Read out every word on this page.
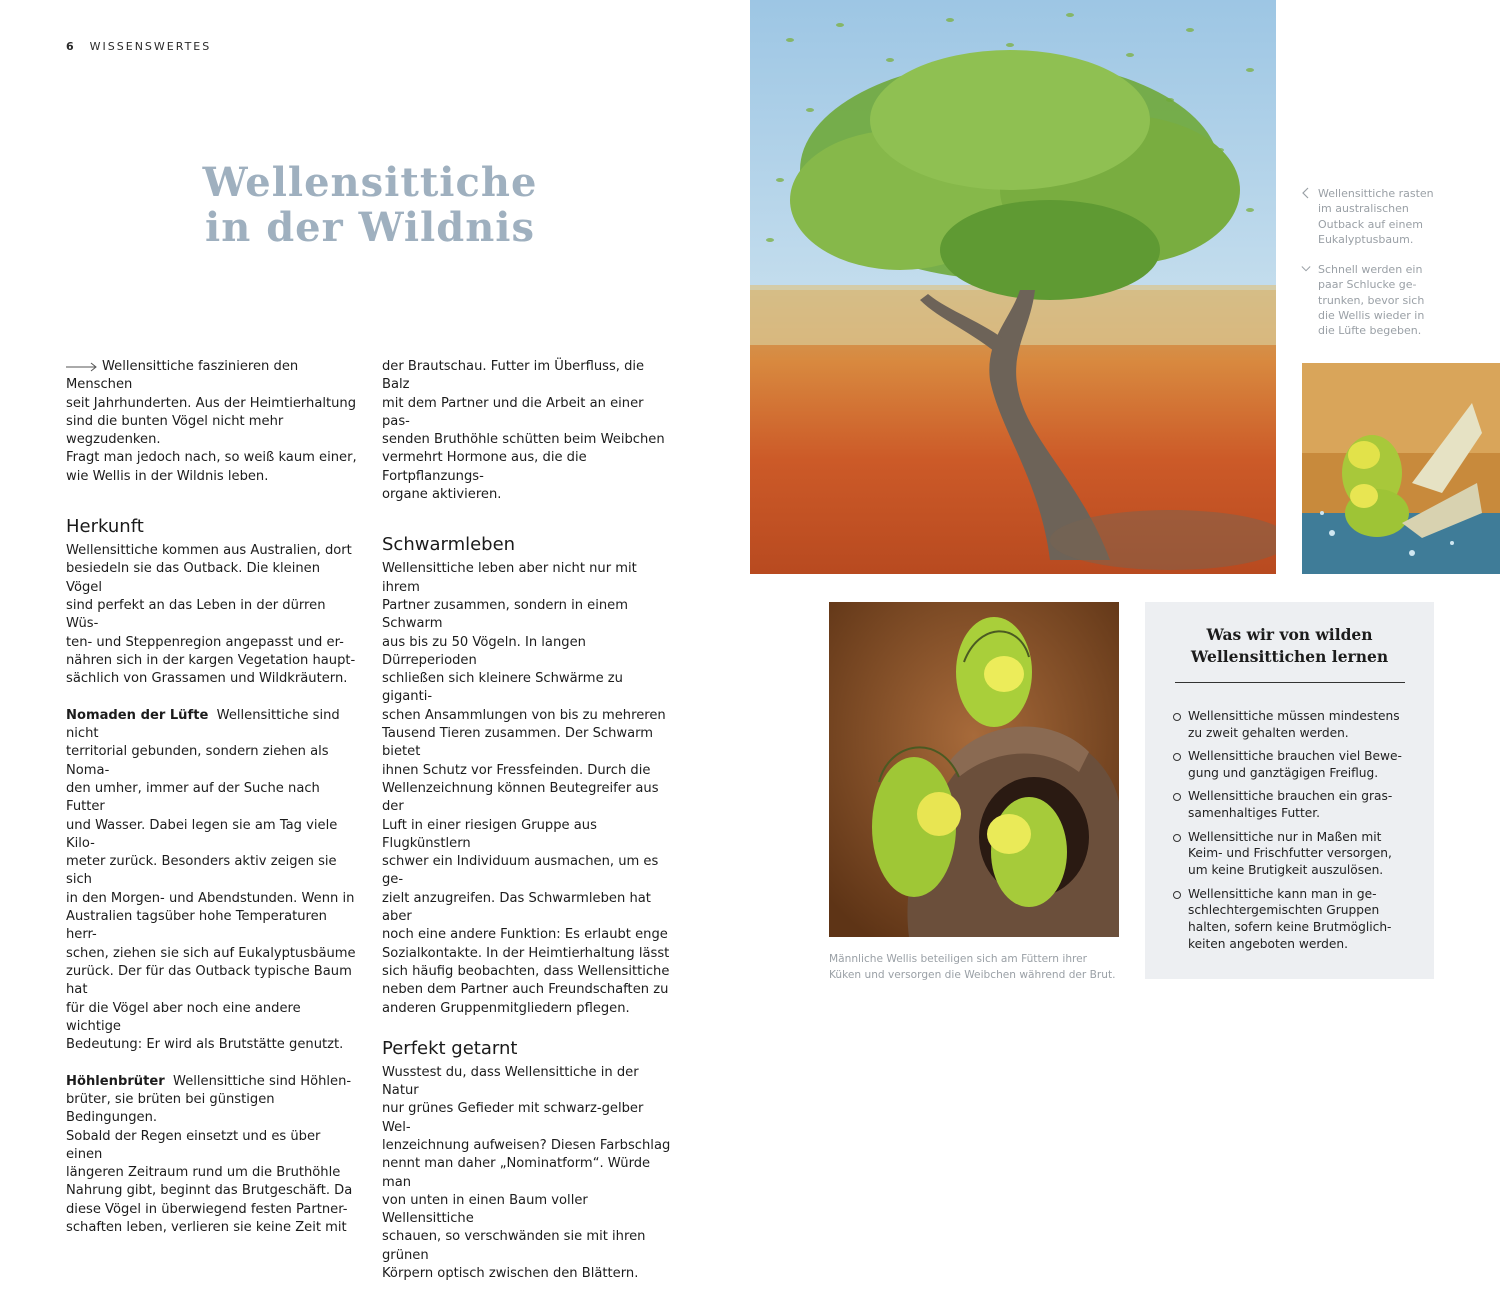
6 WISSENSWERTES
Wellensittiche
in der Wildnis

Wellensittiche faszinieren den Menschen
seit Jahrhunderten. Aus der Heimtierhaltung
sind die bunten Vögel nicht mehr wegzudenken.
Fragt man jedoch nach, so weiß kaum einer,
wie Wellis in der Wildnis leben.

Herkunft

Wellensittiche kommen aus Australien, dort
besiedeln sie das Outback. Die kleinen Vögel
sind perfekt an das Leben in der dürren Wüs-
ten- und Steppenregion angepasst und er-
nähren sich in der kargen Vegetation haupt-
sächlich von Grassamen und Wildkräutern.

Nomaden der Lüfte Wellensittiche sind nicht
territorial gebunden, sondern ziehen als Noma-
den umher, immer auf der Suche nach Futter
und Wasser. Dabei legen sie am Tag viele Kilo-
meter zurück. Besonders aktiv zeigen sie sich
in den Morgen- und Abendstunden. Wenn in
Australien tagsüber hohe Temperaturen herr-
schen, ziehen sie sich auf Eukalyptusbäume
zurück. Der für das Outback typische Baum hat
für die Vögel aber noch eine andere wichtige
Bedeutung: Er wird als Brutstätte genutzt.

Höhlenbrüter Wellensittiche sind Höhlen-
brüter, sie brüten bei günstigen Bedingungen.
Sobald der Regen einsetzt und es über einen
längeren Zeitraum rund um die Bruthöhle
Nahrung gibt, beginnt das Brutgeschäft. Da
diese Vögel in überwiegend festen Partner-
schaften leben, verlieren sie keine Zeit mit

der Brautschau. Futter im Überfluss, die Balz
mit dem Partner und die Arbeit an einer pas-
senden Bruthöhle schütten beim Weibchen
vermehrt Hormone aus, die die Fortpflanzungs-
organe aktivieren.

Schwarmleben

Wellensittiche leben aber nicht nur mit ihrem
Partner zusammen, sondern in einem Schwarm
aus bis zu 50 Vögeln. In langen Dürreperioden
schließen sich kleinere Schwärme zu giganti-
schen Ansammlungen von bis zu mehreren
Tausend Tieren zusammen. Der Schwarm bietet
ihnen Schutz vor Fressfeinden. Durch die
Wellenzeichnung können Beutegreifer aus der
Luft in einer riesigen Gruppe aus Flugkünstlern
schwer ein Individuum ausmachen, um es ge-
zielt anzugreifen. Das Schwarmleben hat aber
noch eine andere Funktion: Es erlaubt enge
Sozialkontakte. In der Heimtierhaltung lässt
sich häufig beobachten, dass Wellensittiche
neben dem Partner auch Freundschaften zu
anderen Gruppenmitgliedern pflegen.

Perfekt getarnt

Wusstest du, dass Wellensittiche in der Natur
nur grünes Gefieder mit schwarz-gelber Wel-
lenzeichnung aufweisen? Diesen Farbschlag
nennt man daher „Nominatform“. Würde man
von unten in einen Baum voller Wellensittiche
schauen, so verschwänden sie mit ihren grünen
Körpern optisch zwischen den Blättern.

Wellensittiche rasten
im australischen
Outback auf einem
Eukalyptusbaum.
Schnell werden ein
paar Schlucke ge-
trunken, bevor sich
die Wellis wieder in
die Lüfte begeben.
Männliche Wellis beteiligen sich am Füttern ihrer
Küken und versorgen die Weibchen während der Brut.
Was wir von wilden
Wellensittichen lernen
Wellensittiche müssen mindestens
zu zweit gehalten werden.
Wellensittiche brauchen viel Bewe-
gung und ganztägigen Freiflug.
Wellensittiche brauchen ein gras-
samenhaltiges Futter.
Wellensittiche nur in Maßen mit
Keim- und Frischfutter versorgen,
um keine Brutigkeit auszulösen.
Wellensittiche kann man in ge-
schlechtergemischten Gruppen
halten, sofern keine Brutmöglich-
keiten angeboten werden.
